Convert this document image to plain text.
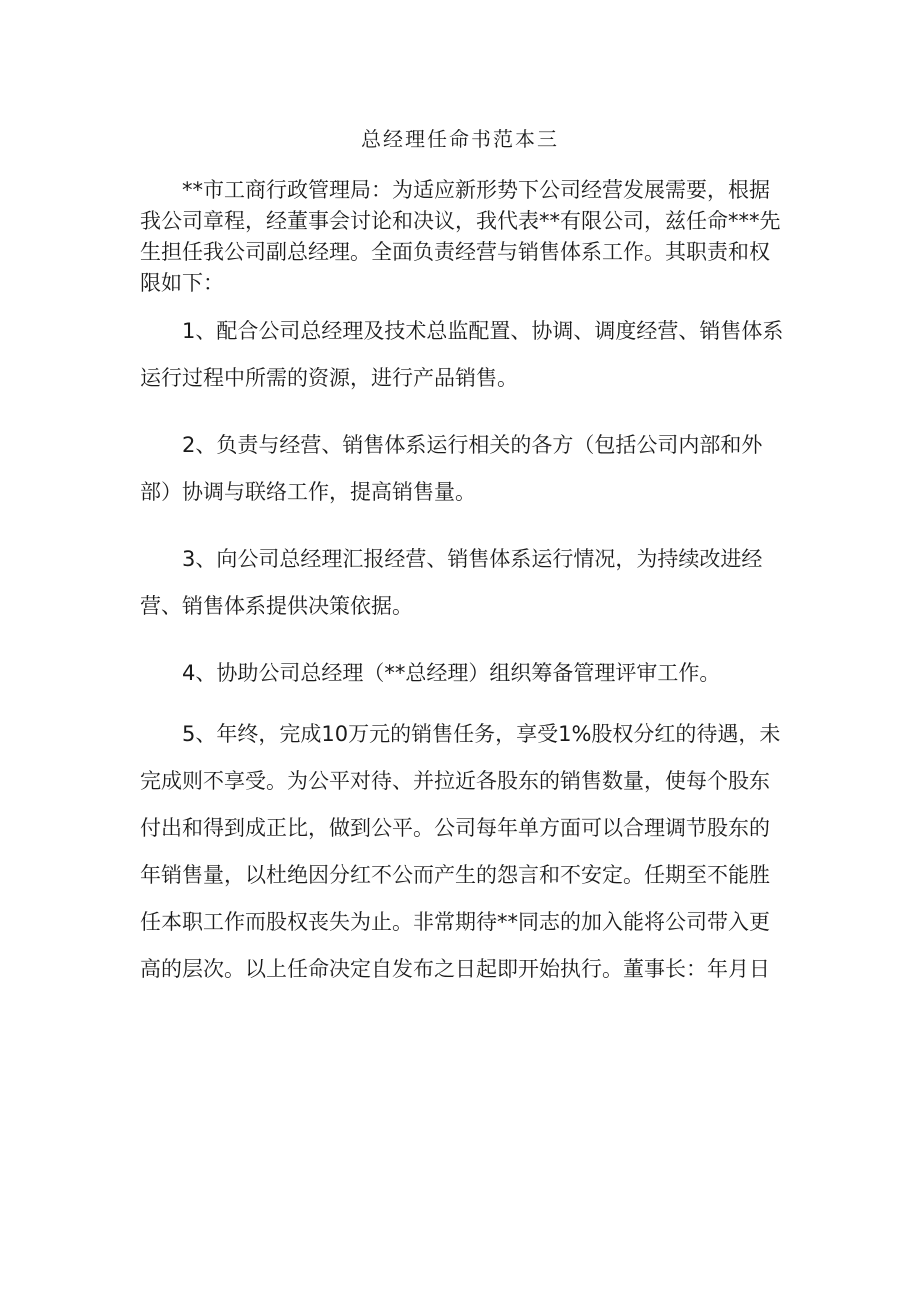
总经理任命书范本三

**市工商行政管理局：为适应新形势下公司经营发展需要，根据我公司章程，经董事会讨论和决议，我代表**有限公司，兹任命***先生担任我公司副总经理。全面负责经营与销售体系工作。其职责和权限如下：

1、配合公司总经理及技术总监配置、协调、调度经营、销售体系运行过程中所需的资源，进行产品销售。

2、负责与经营、销售体系运行相关的各方（包括公司内部和外部）协调与联络工作，提高销售量。

3、向公司总经理汇报经营、销售体系运行情况，为持续改进经营、销售体系提供决策依据。

4、协助公司总经理（**总经理）组织筹备管理评审工作。

5、年终，完成10万元的销售任务，享受1%股权分红的待遇，未完成则不享受。为公平对待、并拉近各股东的销售数量，使每个股东付出和得到成正比，做到公平。公司每年单方面可以合理调节股东的年销售量，以杜绝因分红不公而产生的怨言和不安定。任期至不能胜任本职工作而股权丧失为止。非常期待**同志的加入能将公司带入更高的层次。以上任命决定自发布之日起即开始执行。董事长：年月日
